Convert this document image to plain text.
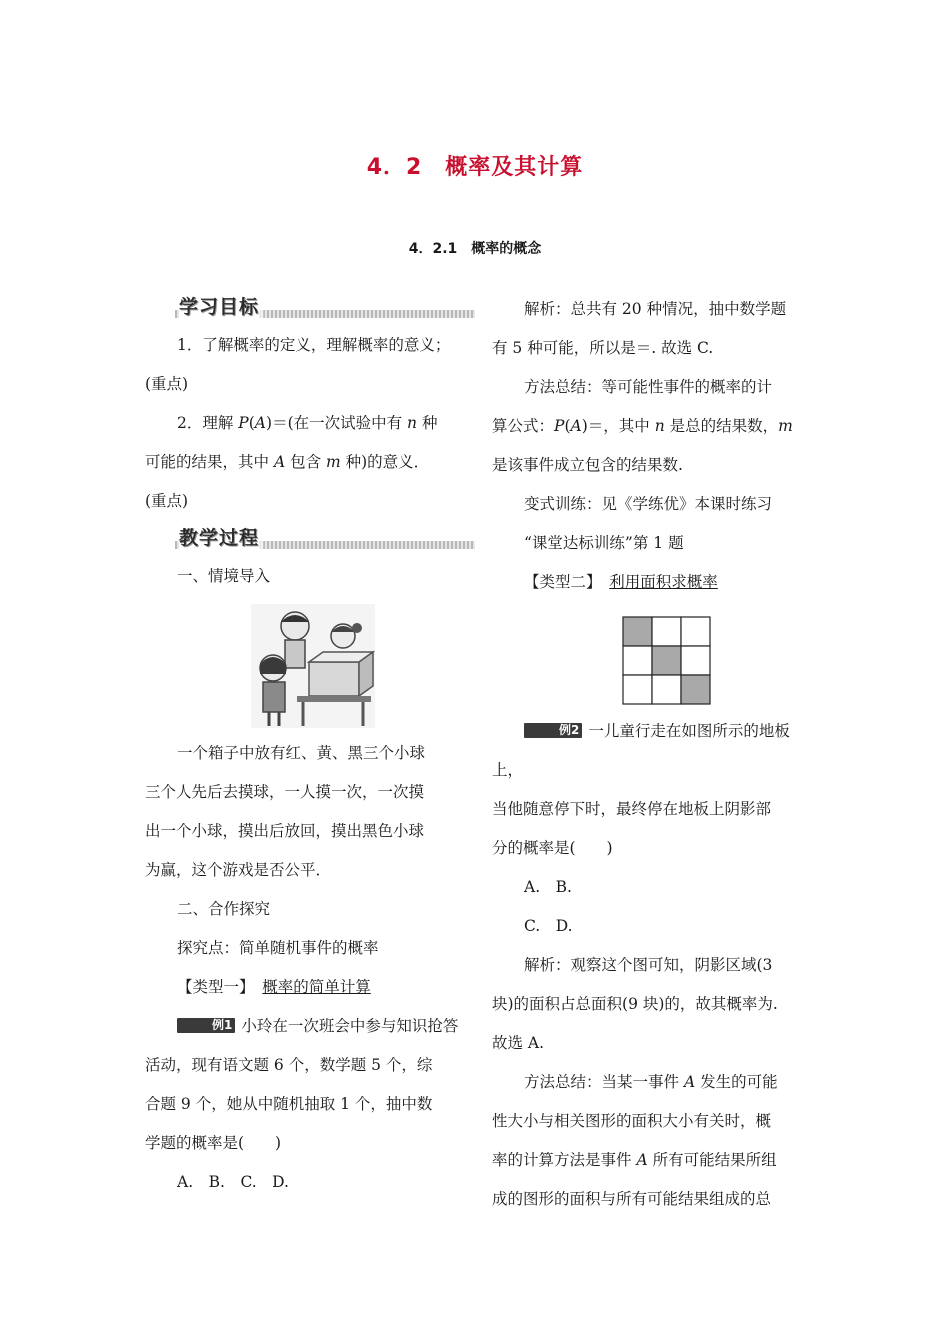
4．2　概率及其计算
4．2.1　概率的概念
学习目标

1．了解概率的定义，理解概率的意义；

(重点)

2．理解 P(A)＝(在一次试验中有 n 种

可能的结果，其中 A 包含 m 种)的意义．

(重点)

教学过程

一、情境导入

一个箱子中放有红、黄、黑三个小球

三个人先后去摸球，一人摸一次，一次摸

出一个小球，摸出后放回，摸出黑色小球

为赢，这个游戏是否公平．

二、合作探究

探究点：简单随机事件的概率

【类型一】　 概率的简单计算

例1 小玲在一次班会中参与知识抢答

活动，现有语文题 6 个，数学题 5 个，综

合题 9 个，她从中随机抽取 1 个，抽中数

学题的概率是(　　)

A.　B.　C.　D.

解析：总共有 20 种情况，抽中数学题

有 5 种可能，所以是＝. 故选 C.

方法总结：等可能性事件的概率的计

算公式：P(A)＝，其中 n 是总的结果数，m

是该事件成立包含的结果数.

变式训练：见《学练优》本课时练习

“课堂达标训练”第 1 题

【类型二】　 利用面积求概率

例2 一儿童行走在如图所示的地板上，

当他随意停下时，最终停在地板上阴影部

分的概率是(　　)

A.　B.

C.　D.

解析：观察这个图可知，阴影区域(3

块)的面积占总面积(9 块)的，故其概率为.

故选 A.

方法总结：当某一事件 A 发生的可能

性大小与相关图形的面积大小有关时，概

率的计算方法是事件 A 所有可能结果所组

成的图形的面积与所有可能结果组成的总
